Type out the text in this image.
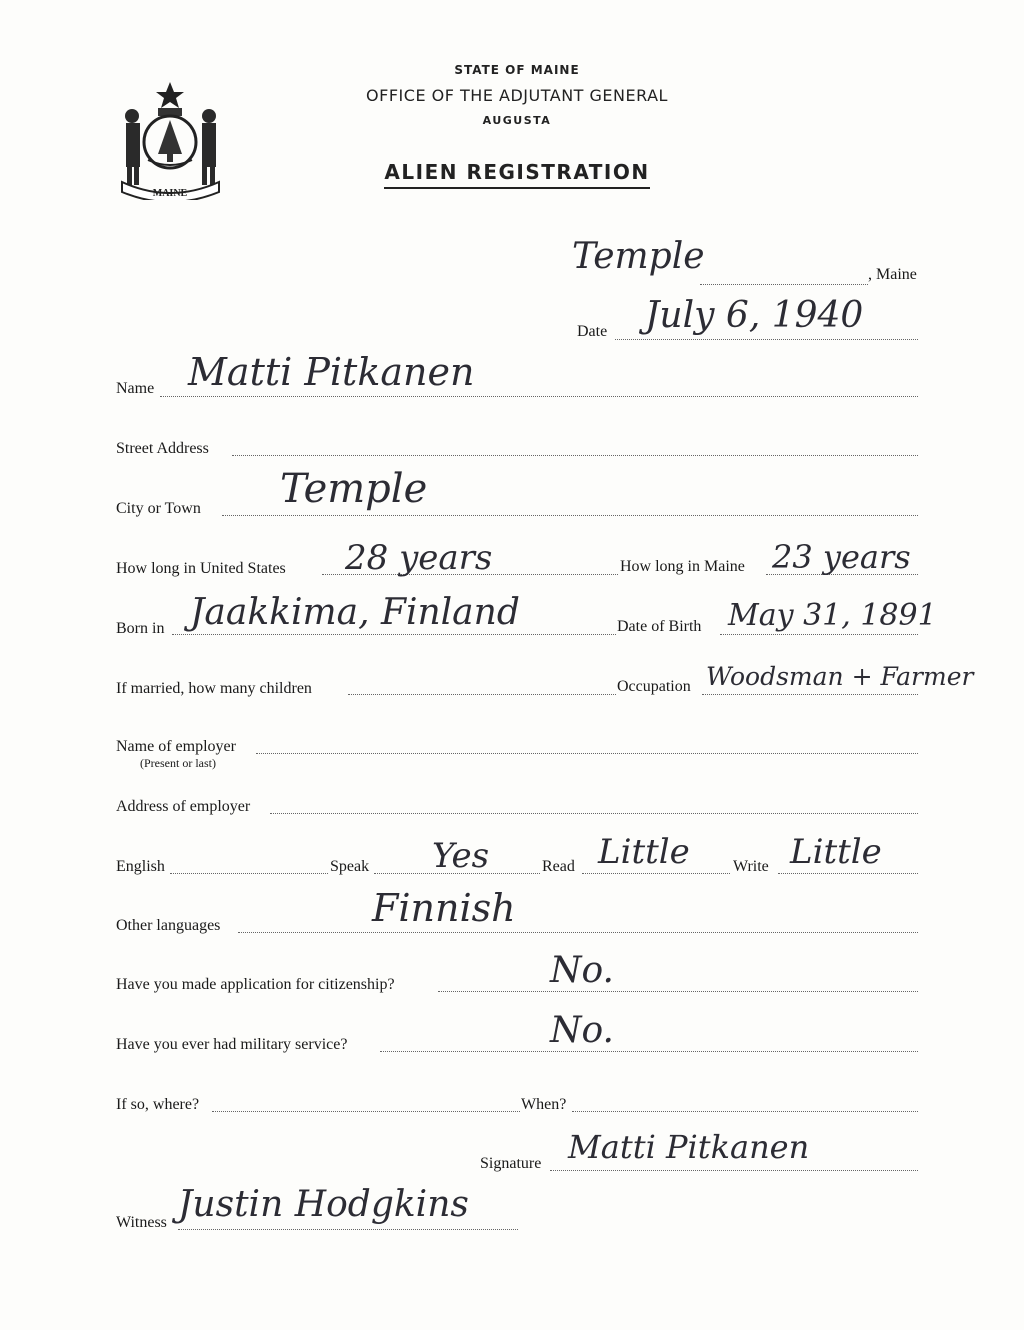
MAINE
STATE OF MAINE
OFFICE OF THE ADJUTANT GENERAL
AUGUSTA
ALIEN REGISTRATION
Temple	, Maine
Date July 6, 1940
Name Matti Pitkanen
Street Address
City or Town Temple
How long in United States 28 years	How long in Maine 23 years
Born in Jaakkima, Finland	Date of Birth May 31, 1891
If married, how many children	Occupation Woodsman + Farmer
Name of employer
(Present or last)
Address of employer
English	Speak Yes	Read Little	Write Little
Other languages	Finnish
Have you made application for citizenship?	No.
Have you ever had military service?	No.
If so, where?	When?
Signature Matti Pitkanen
Witness Justin Hodgkins
